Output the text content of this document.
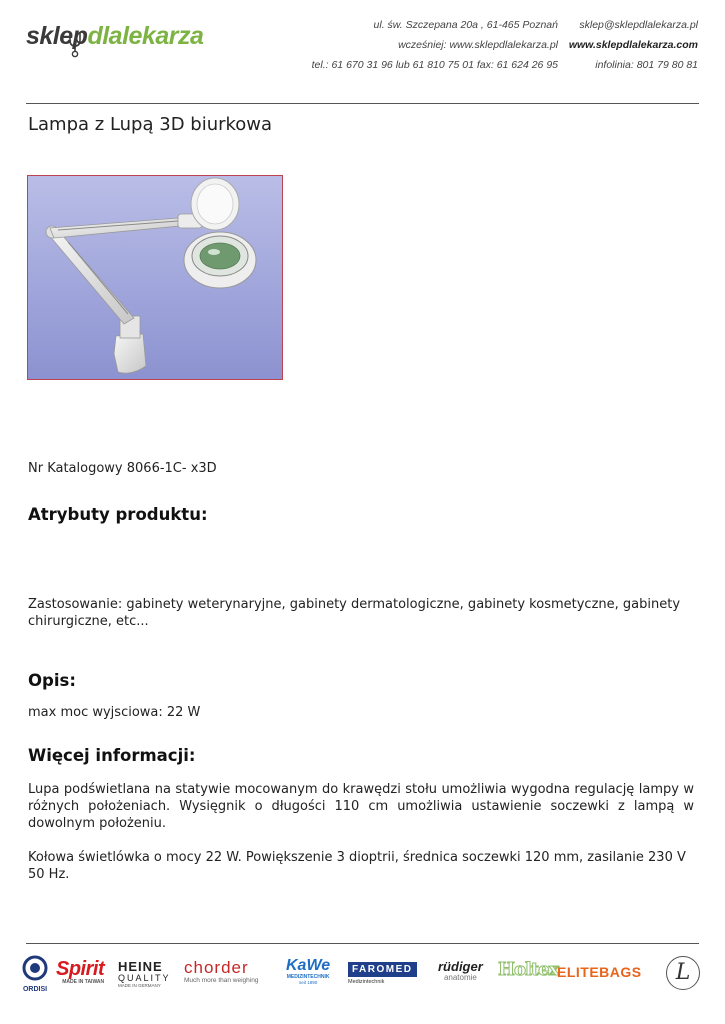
sklepdlalekarza	ul. św. Szczepana 20a , 61-465 Poznań
wcześniej: www.sklepdlalekarza.pl
tel.: 61 670 31 96 lub 61 810 75 01 fax: 61 624 26 95
sklep@sklepdlalekarza.pl
www.sklepdlalekarza.com
infolinia: 801 79 80 81
Lampa z Lupą 3D biurkowa
Nr Katalogowy 8066-1C- x3D
Atrybuty produktu:
Zastosowanie: gabinety weterynaryjne, gabinety dermatologiczne, gabinety kosmetyczne, gabinety chirurgiczne, etc...
Opis:
max moc wyjsciowa: 22 W
Więcej informacji:
Lupa podświetlana na statywie mocowanym do krawędzi stołu umożliwia wygodna regulację lampy w różnych położeniach. Wysięgnik o długości 110 cm umożliwia ustawienie soczewki z lampą w dowolnym położeniu.
Kołowa świetlówka o mocy 22 W. Powiększenie 3 dioptrii, średnica soczewki 120 mm, zasilanie 230 V 50 Hz.
ORDISI
Spirit
MADE IN TAIWAN
HEINE
QUALITY
MADE IN GERMANY
chorder
Much more than weighing
KaWe
MEDIZINTECHNIK
seit 1890
FAROMED
Medizintechnik
rüdiger
anatomie	Holtex
ELITEBAGS	L
